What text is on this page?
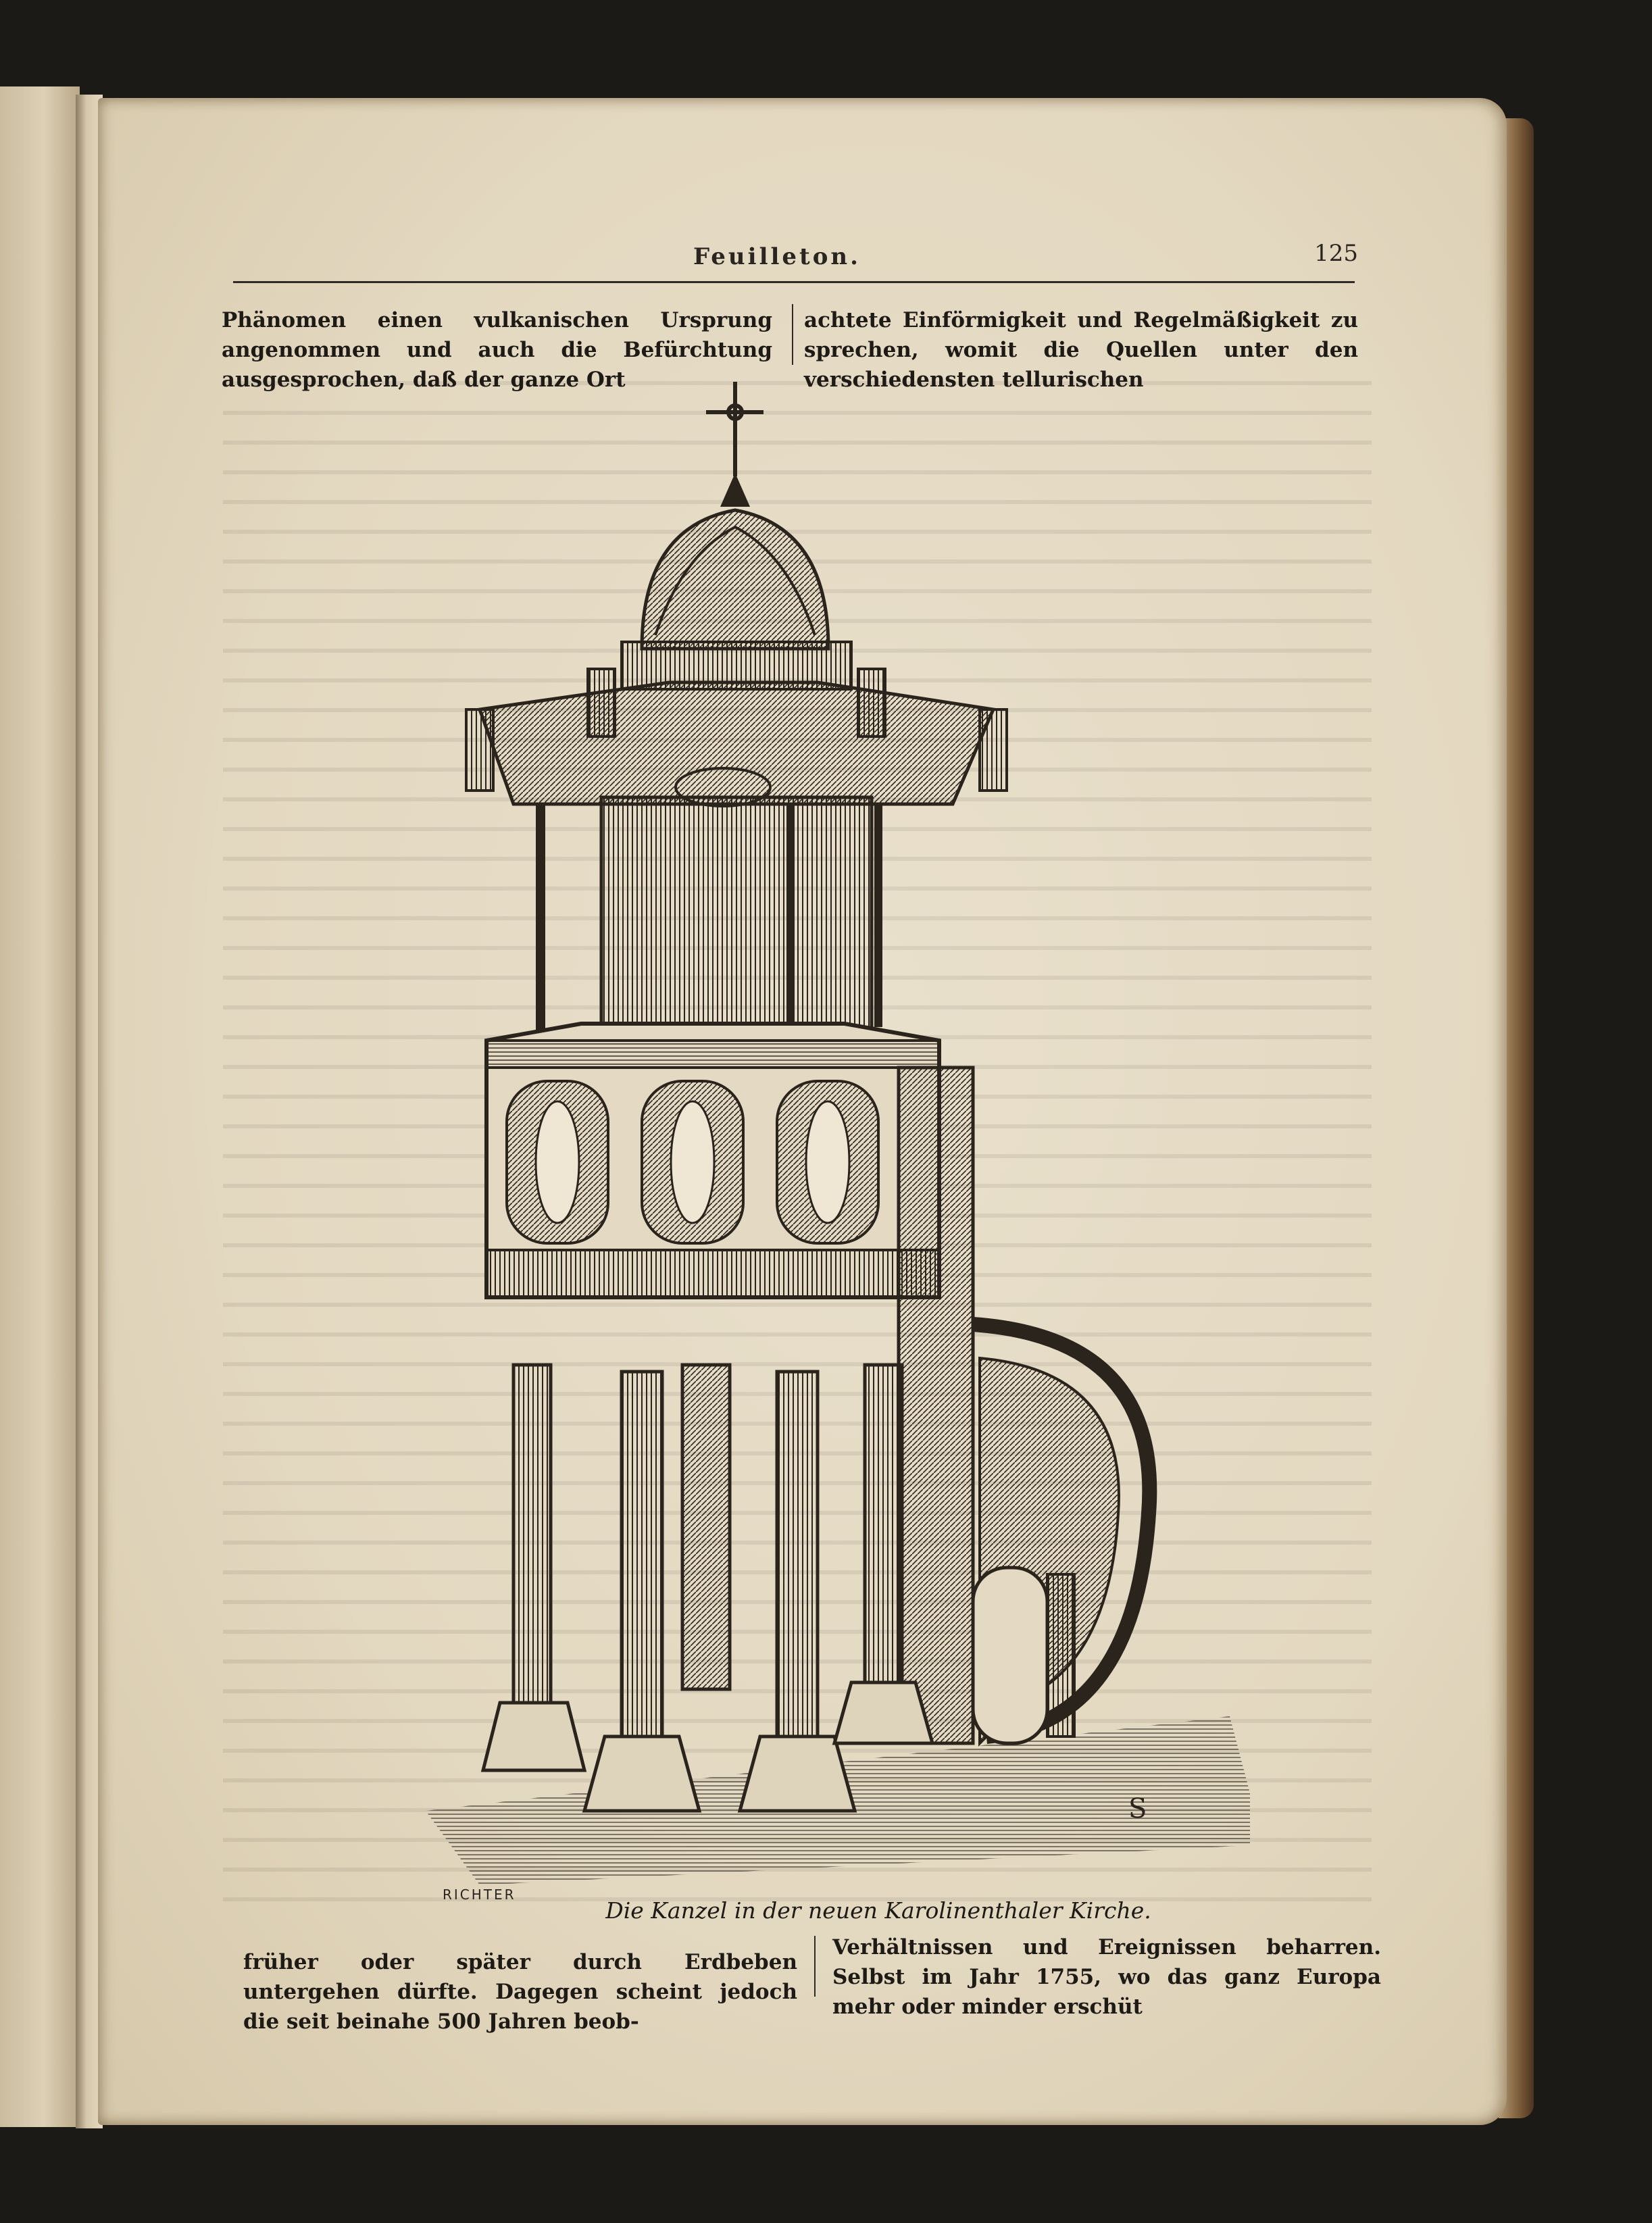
Feuilleton.	125

Phänomen einen vulkanischen Ursprung angenommen und auch die Befürchtung ausgesprochen, daß der ganze Ort

achtete Einförmigkeit und Regelmäßigkeit zu sprechen, womit die Quellen unter den verschiedensten tellurischen

S
RICHTER
Die Kanzel in der neuen Karolinenthaler Kirche.

früher oder später durch Erdbeben untergehen dürfte. Dagegen scheint jedoch die seit beinahe 500 Jahren beob-

Verhältnissen und Ereignissen beharren. Selbst im Jahr 1755, wo das ganz Europa mehr oder minder erschüt
